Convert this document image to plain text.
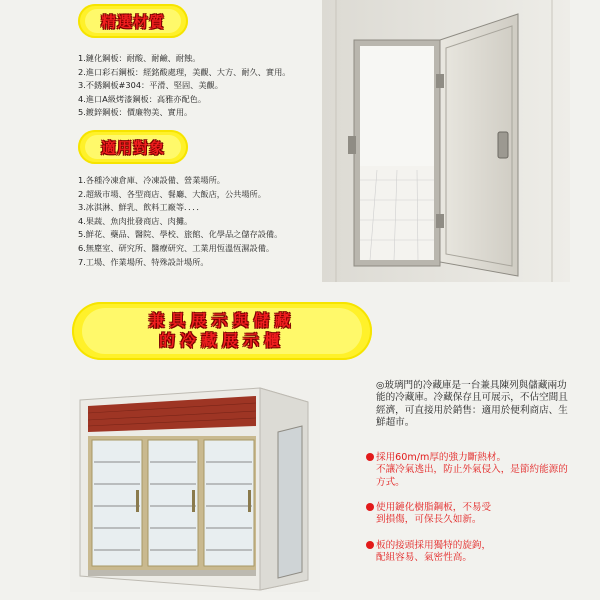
精選材質
1.鏈化鋼板：耐酸、耐鹼、耐蝕。
2.進口彩石鋼板：經銘酸處理，美觀、大方、耐久、實用。
3.不銹鋼板#304：平滑、堅固、美觀。
4.進口A級烤漆鋼板：高雅亦配色。
5.鍍鋅鋼板：價廉物美、實用。
適用對象
1.各種冷凍倉庫、冷凍設備、營業場所。
2.超級市場、各型商店、餐廳、大飯店，公共場所。
3.冰淇淋、鮮乳、飲料工廠等．．．．
4.果蔬、魚肉批發商店、肉攤。
5.鮮花、藥品、醫院、學校、旅館、化學品之儲存設備。
6.無塵室、研究所、醫療研究、工業用恆溫恆濕設備。
7.工場、作業場所、特殊設計場所。
兼具展示與儲藏
的冷藏展示櫃
◎玻璃門的冷藏庫是一台兼具陳列與儲藏兩功能的冷藏庫。冷藏保存且可展示，不佔空間且經濟，可直接用於銷售：適用於便利商店、生鮮超市。
採用60m/m厚的強力斷熱材。
不讓冷氣逃出，防止外氣侵入，是節約能源的方式。
使用鏈化樹脂鋼板，不易受
到損傷，可保長久如新。
板的接頭採用獨特的旋鉤，
配組容易、氣密性高。
